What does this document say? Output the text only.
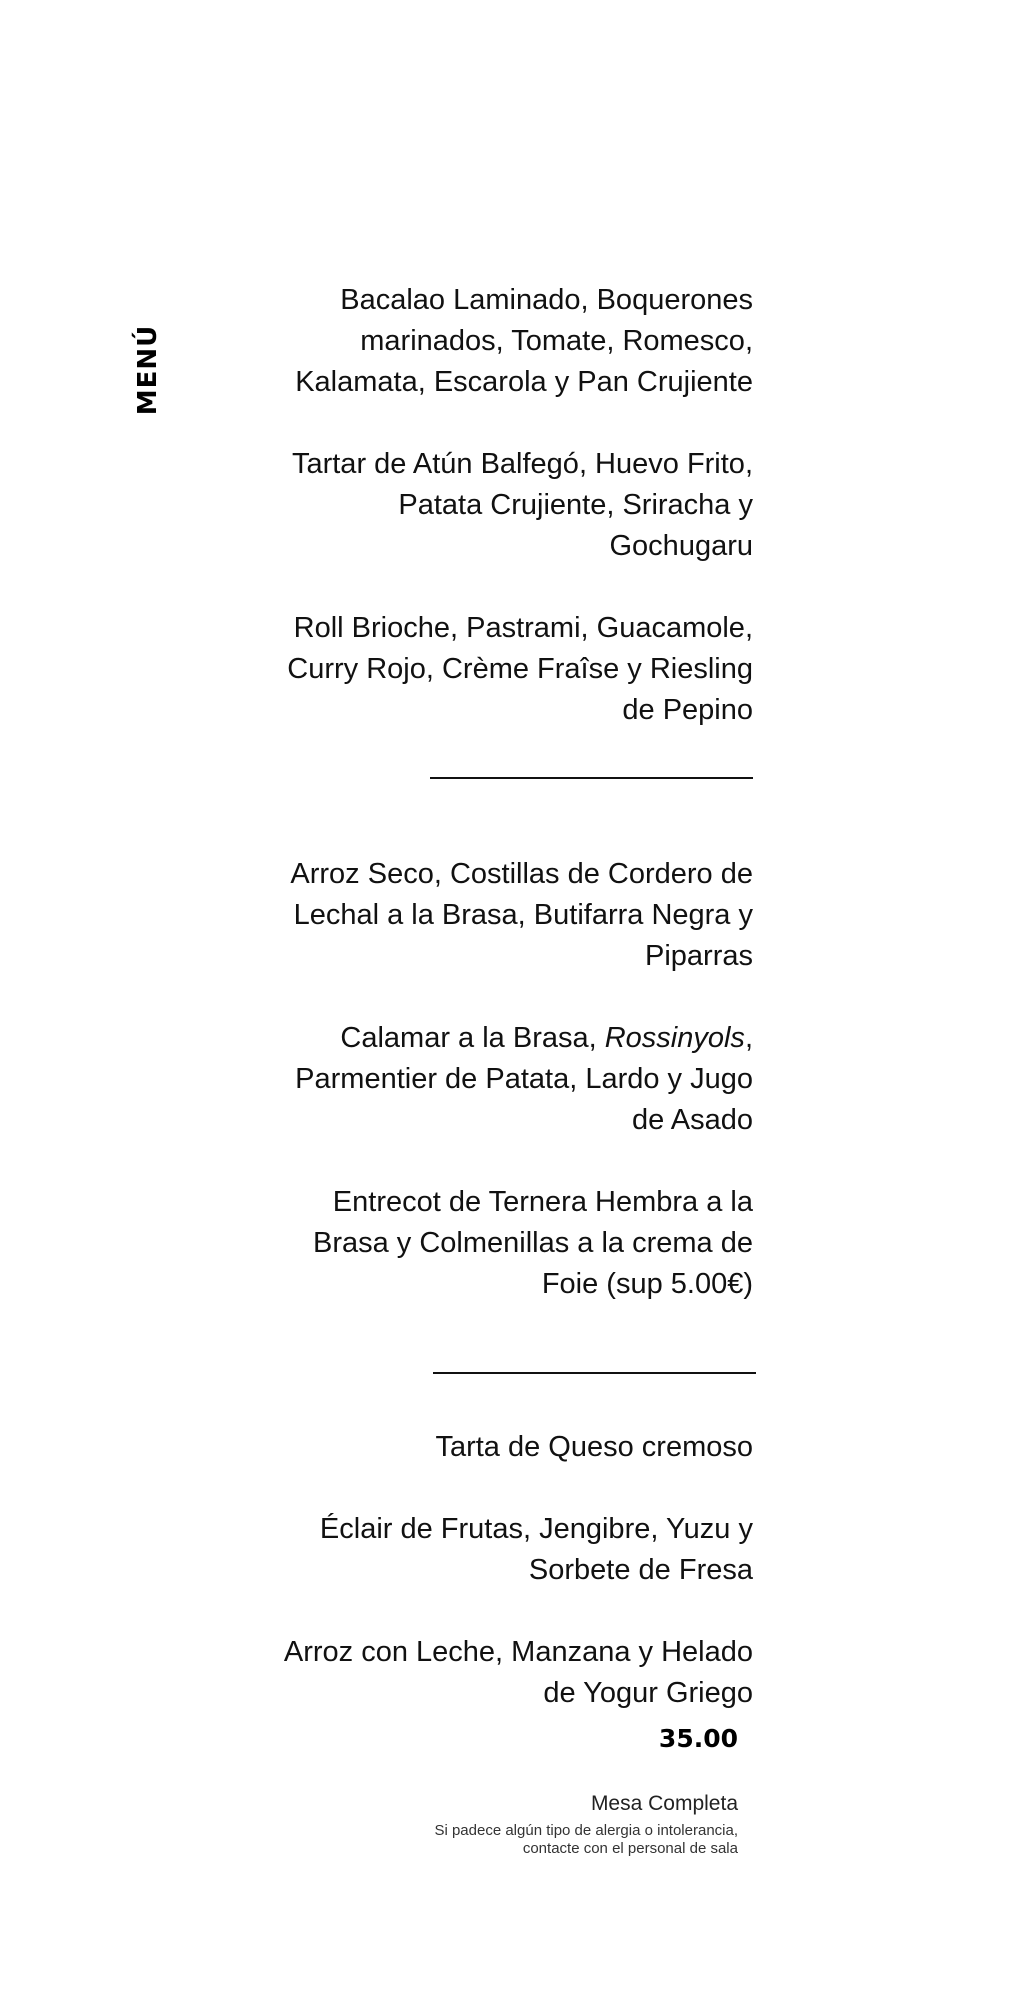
MENÚ

Bacalao Laminado, Boquerones
marinados, Tomate, Romesco,
Kalamata, Escarola y Pan Crujiente

Tartar de Atún Balfegó, Huevo Frito,
Patata Crujiente, Sriracha y
Gochugaru

Roll Brioche, Pastrami, Guacamole,
Curry Rojo, Crème Fraîse y Riesling
de Pepino

Arroz Seco, Costillas de Cordero de
Lechal a la Brasa, Butifarra Negra y
Piparras

Calamar a la Brasa, Rossinyols,
Parmentier de Patata, Lardo y Jugo
de Asado

Entrecot de Ternera Hembra a la
Brasa y Colmenillas a la crema de
Foie (sup 5.00€)

Tarta de Queso cremoso

Éclair de Frutas, Jengibre, Yuzu y
Sorbete de Fresa

Arroz con Leche, Manzana y Helado
de Yogur Griego

35.00
Mesa Completa
Si padece algún tipo de alergia o intolerancia,
contacte con el personal de sala
